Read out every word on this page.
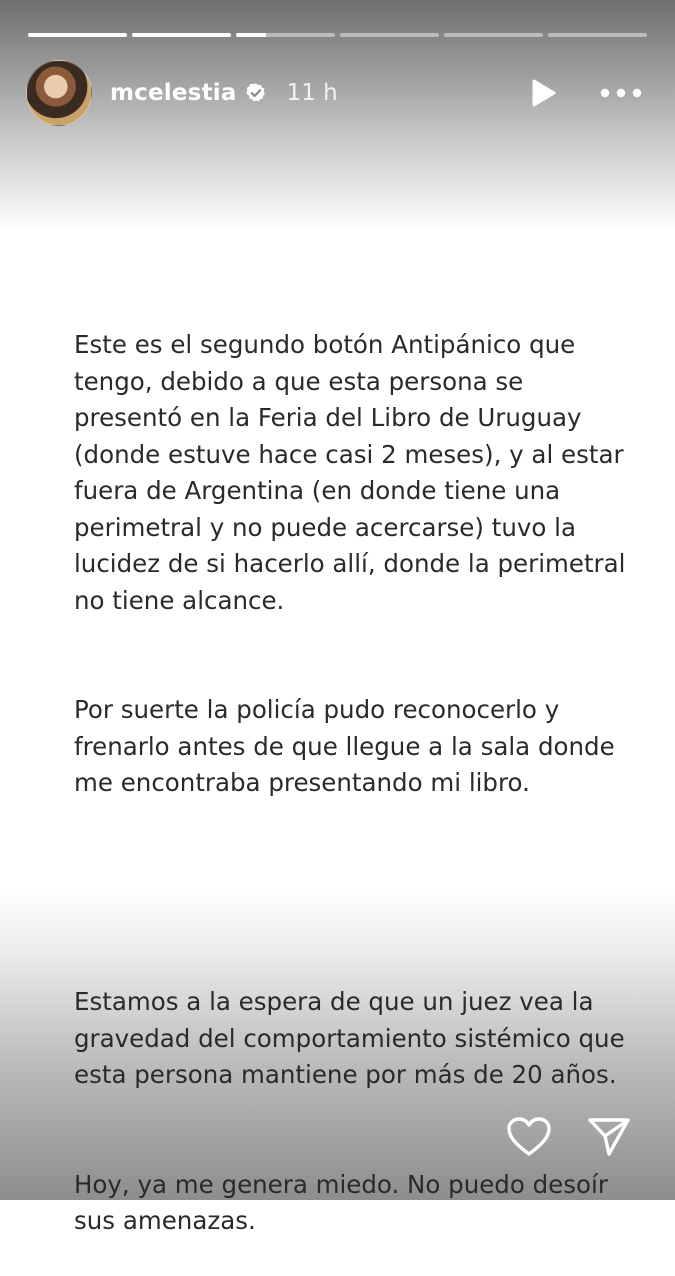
mcelestia 11 h

Este es el segundo botón Antipánico que tengo, debido a que esta persona se presentó en la Feria del Libro de Uruguay (donde estuve hace casi 2 meses), y al estar fuera de Argentina (en donde tiene una perimetral y no puede acercarse) tuvo la lucidez de si hacerlo allí, donde la perimetral no tiene alcance.

Por suerte la policía pudo reconocerlo y frenarlo antes de que llegue a la sala donde me encontraba presentando mi libro.

Estamos a la espera de que un juez vea la gravedad del comportamiento sistémico que esta persona mantiene por más de 20 años.

Hoy, ya me genera miedo. No puedo desoír sus amenazas.
